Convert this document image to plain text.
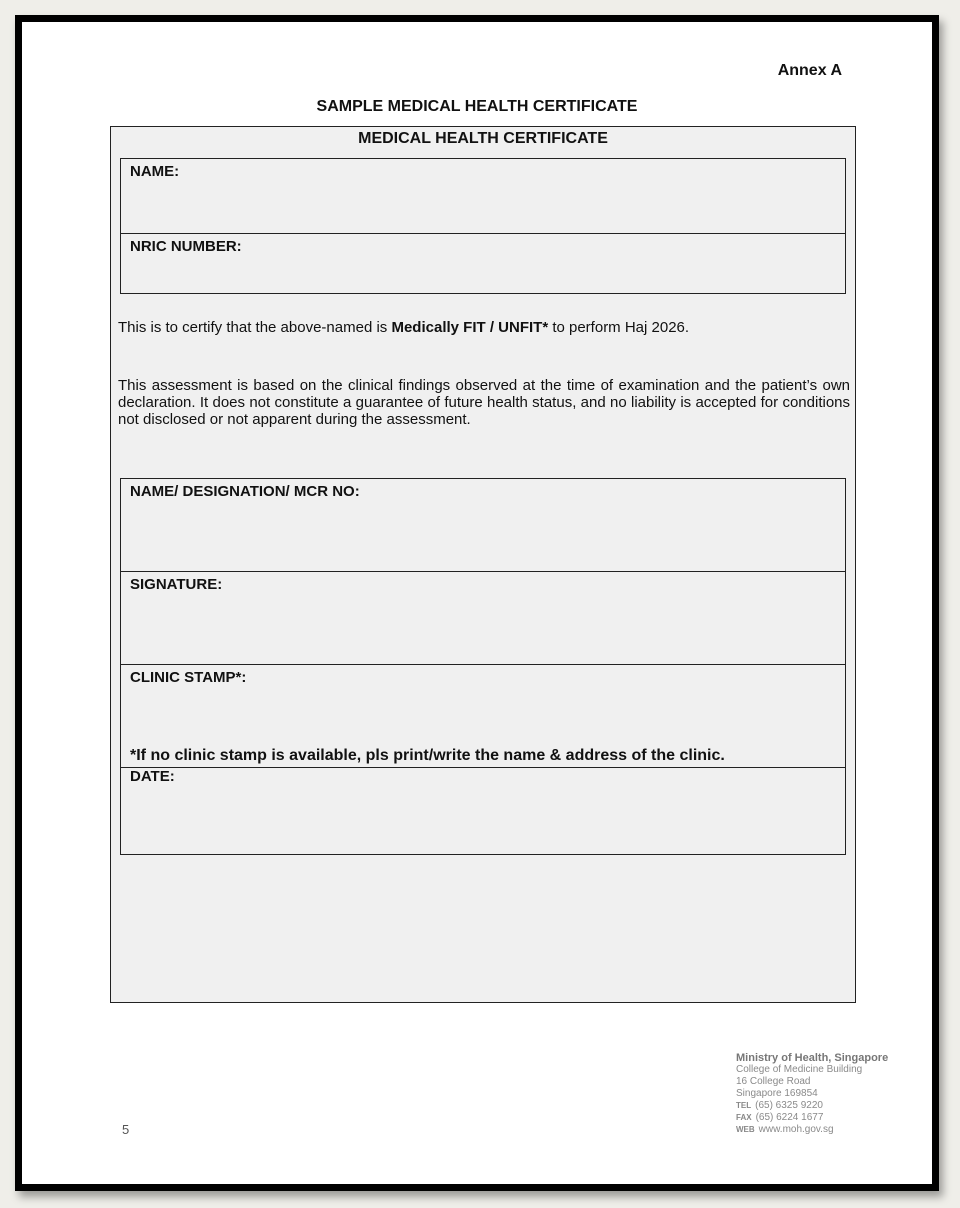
Annex A
SAMPLE MEDICAL HEALTH CERTIFICATE
MEDICAL HEALTH CERTIFICATE
NAME:
NRIC NUMBER:
This is to certify that the above-named is Medically FIT / UNFIT* to perform Haj 2026.
This assessment is based on the clinical findings observed at the time of examination and the patient’s own declaration. It does not constitute a guarantee of future health status, and no liability is accepted for conditions not disclosed or not apparent during the assessment.
NAME/ DESIGNATION/ MCR NO:
SIGNATURE:
CLINIC STAMP*:
*If no clinic stamp is available, pls print/write the name & address of the clinic.
DATE:
5
Ministry of Health, Singapore
College of Medicine Building
16 College Road
Singapore 169854
TEL (65) 6325 9220
FAX (65) 6224 1677
WEB www.moh.gov.sg
